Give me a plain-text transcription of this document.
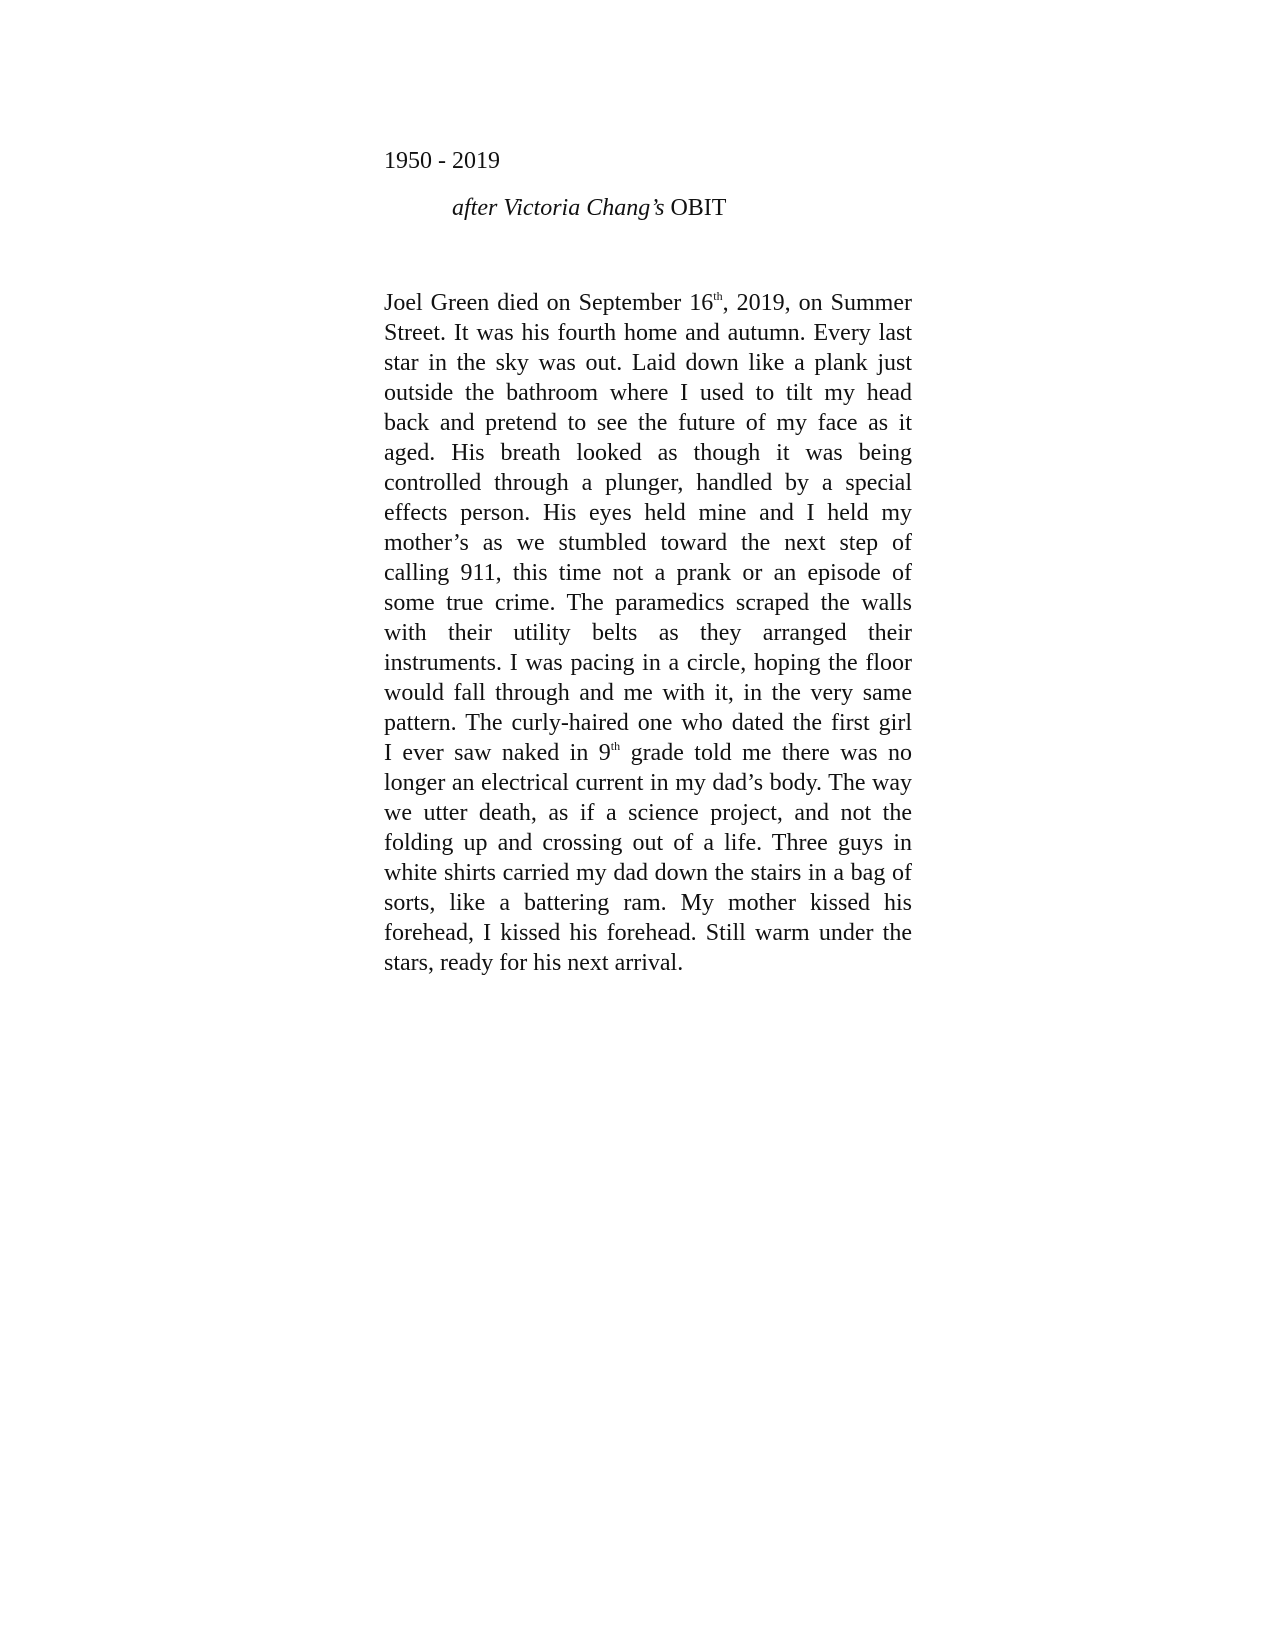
1950 - 2019
after Victoria Chang’s OBIT
Joel Green died on September 16th, 2019, on Summer
Street. It was his fourth home and autumn. Every last
star in the sky was out. Laid down like a plank just
outside the bathroom where I used to tilt my head
back and pretend to see the future of my face as it
aged. His breath looked as though it was being
controlled through a plunger, handled by a special
effects person. His eyes held mine and I held my
mother’s as we stumbled toward the next step of
calling 911, this time not a prank or an episode of
some true crime. The paramedics scraped the walls
with their utility belts as they arranged their
instruments. I was pacing in a circle, hoping the floor
would fall through and me with it, in the very same
pattern. The curly-haired one who dated the first girl
I ever saw naked in 9th grade told me there was no
longer an electrical current in my dad’s body. The way
we utter death, as if a science project, and not the
folding up and crossing out of a life. Three guys in
white shirts carried my dad down the stairs in a bag of
sorts, like a battering ram. My mother kissed his
forehead, I kissed his forehead. Still warm under the
stars, ready for his next arrival.
